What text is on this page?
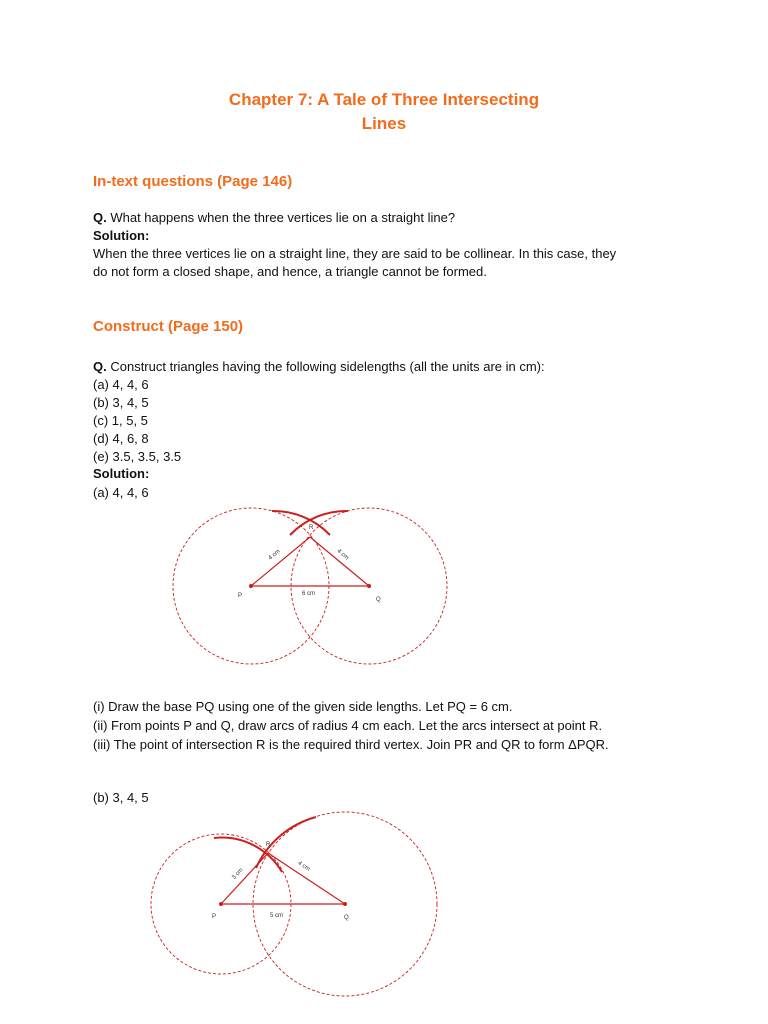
Chapter 7: A Tale of Three Intersecting
Lines
In-text questions (Page 146)
Q. What happens when the three vertices lie on a straight line?
Solution:
When the three vertices lie on a straight line, they are said to be collinear. In this case, they
do not form a closed shape, and hence, a triangle cannot be formed.
Construct (Page 150)
Q. Construct triangles having the following sidelengths (all the units are in cm):
(a) 4, 4, 6
(b) 3, 4, 5
(c) 1, 5, 5
(d) 4, 6, 8
(e) 3.5, 3.5, 3.5
Solution:
(a) 4, 4, 6
P
Q
R
4 cm	4 cm
6 cm
(i) Draw the base PQ using one of the given side lengths. Let PQ = 6 cm.
(ii) From points P and Q, draw arcs of radius 4 cm each. Let the arcs intersect at point R.
(iii) The point of intersection R is the required third vertex. Join PR and QR to form ΔPQR.
(b) 3, 4, 5
P	Q
R
3 cm
4 cm
5 cm
